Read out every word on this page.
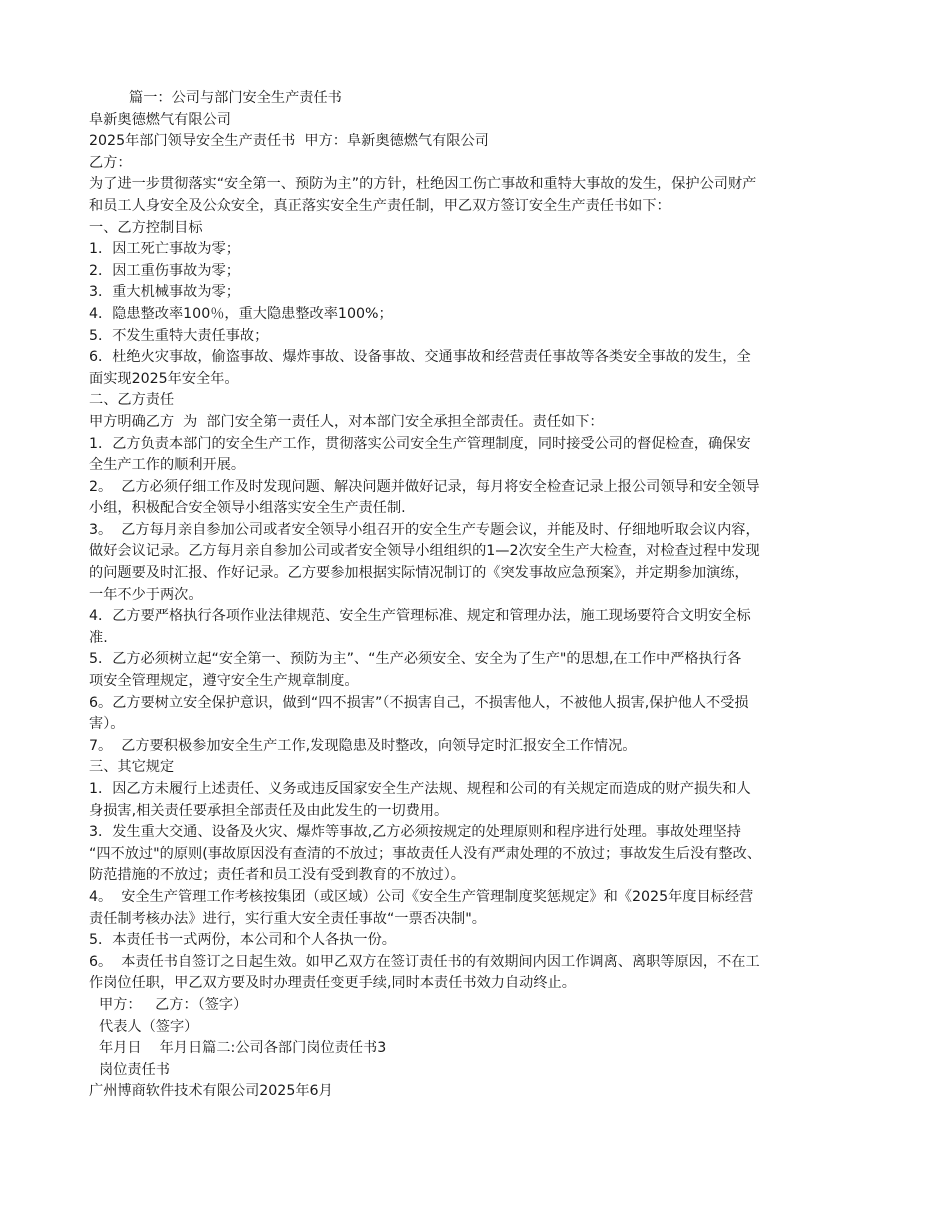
篇一：公司与部门安全生产责任书

阜新奥德燃气有限公司

2025年部门领导安全生产责任书  甲方：阜新奥德燃气有限公司

乙方：

为了进一步贯彻落实“安全第一、预防为主”的方针，杜绝因工伤亡事故和重特大事故的发生，保护公司财产

和员工人身安全及公众安全，真正落实安全生产责任制，甲乙双方签订安全生产责任书如下：

一、乙方控制目标

1．因工死亡事故为零；

2．因工重伤事故为零；

3．重大机械事故为零；

4．隐患整改率100％，重大隐患整改率100%；

5．不发生重特大责任事故；

6．杜绝火灾事故，偷盗事故、爆炸事故、设备事故、交通事故和经营责任事故等各类安全事故的发生，全

面实现2025年安全年。

二、乙方责任

甲方明确乙方  为  部门安全第一责任人，对本部门安全承担全部责任。责任如下：

1．乙方负责本部门的安全生产工作，贯彻落实公司安全生产管理制度，同时接受公司的督促检查，确保安

全生产工作的顺利开展。

2。  乙方必须仔细工作及时发现问题、解决问题并做好记录，每月将安全检查记录上报公司领导和安全领导

小组，积极配合安全领导小组落实安全生产责任制.

3。  乙方每月亲自参加公司或者安全领导小组召开的安全生产专题会议，并能及时、仔细地听取会议内容，

做好会议记录。乙方每月亲自参加公司或者安全领导小组组织的1—2次安全生产大检查，对检查过程中发现

的问题要及时汇报、作好记录。乙方要参加根据实际情况制订的《突发事故应急预案》，并定期参加演练，

一年不少于两次。

4．乙方要严格执行各项作业法律规范、安全生产管理标准、规定和管理办法，施工现场要符合文明安全标

准.

5．乙方必须树立起“安全第一、预防为主”、“生产必须安全、安全为了生产"的思想,在工作中严格执行各

项安全管理规定，遵守安全生产规章制度。

6。乙方要树立安全保护意识，做到“四不损害”（不损害自己，不损害他人，不被他人损害,保护他人不受损

害）。

7。  乙方要积极参加安全生产工作,发现隐患及时整改，向领导定时汇报安全工作情况。

三、其它规定

1．因乙方未履行上述责任、义务或违反国家安全生产法规、规程和公司的有关规定而造成的财产损失和人

身损害,相关责任要承担全部责任及由此发生的一切费用。

3．发生重大交通、设备及火灾、爆炸等事故,乙方必须按规定的处理原则和程序进行处理。事故处理坚持

“四不放过"的原则(事故原因没有查清的不放过；事故责任人没有严肃处理的不放过；事故发生后没有整改、

防范措施的不放过；责任者和员工没有受到教育的不放过）。

4。  安全生产管理工作考核按集团（或区域）公司《安全生产管理制度奖惩规定》和《2025年度目标经营

责任制考核办法》进行，实行重大安全责任事故“一票否决制"。

5．本责任书一式两份，本公司和个人各执一份。

6。  本责任书自签订之日起生效。如甲乙双方在签订责任书的有效期间内因工作调离、离职等原因，不在工

作岗位任职，甲乙双方要及时办理责任变更手续,同时本责任书效力自动终止。

甲方：   乙方：（签字）

代表人（签字）

年月日    年月日篇二:公司各部门岗位责任书3

岗位责任书

广州博商软件技术有限公司2025年6月
